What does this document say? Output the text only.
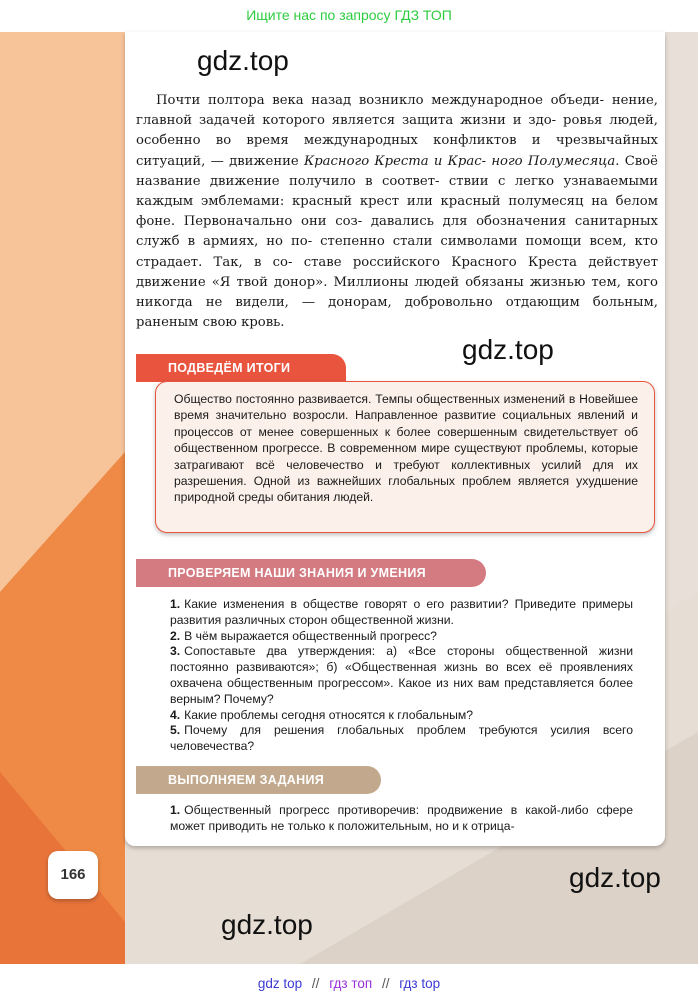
Ищите нас по запросу ГДЗ ТОП
gdz.top
gdz.top
gdz.top
gdz.top

Почти полтора века назад возникло международное объеди- нение, главной задачей которого является защита жизни и здо- ровья людей, особенно во время международных конфликтов и чрезвычайных ситуаций, — движение Красного Креста и Крас- ного Полумесяца. Своё название движение получило в соответ- ствии с легко узнаваемыми каждым эмблемами: красный крест или красный полумесяц на белом фоне. Первоначально они соз- давались для обозначения санитарных служб в армиях, но по- степенно стали символами помощи всем, кто страдает. Так, в со- ставе российского Красного Креста действует движение «Я твой донор». Миллионы людей обязаны жизнью тем, кого никогда не видели, — донорам, добровольно отдающим больным, раненым свою кровь.

ПОДВЕДЁМ ИТОГИ

Общество постоянно развивается. Темпы общественных изменений в Новейшее время значительно возросли. Направленное развитие социальных явлений и процессов от менее совершенных к более совершенным свидетельствует об общественном прогрессе. В современном мире существуют проблемы, которые затрагивают всё человечество и требуют коллективных усилий для их разрешения. Одной из важнейших глобальных проблем является ухудшение природной среды обитания людей.

ПРОВЕРЯЕМ НАШИ ЗНАНИЯ И УМЕНИЯ
1. Какие изменения в обществе говорят о его развитии? Приведите примеры развития различных сторон общественной жизни.
2. В чём выражается общественный прогресс?
3. Сопоставьте два утверждения: а) «Все стороны общественной жизни постоянно развиваются»; б) «Общественная жизнь во всех её проявлениях охвачена общественным прогрессом». Какое из них вам представляется более верным? Почему?
4. Какие проблемы сегодня относятся к глобальным?
5. Почему для решения глобальных проблем требуются усилия всего человечества?
ВЫПОЛНЯЕМ ЗАДАНИЯ

1. Общественный прогресс противоречив: продвижение в какой-либо сфере может приводить не только к положительным, но и к отрица-

166
gdz top // гдз топ // гдз top
